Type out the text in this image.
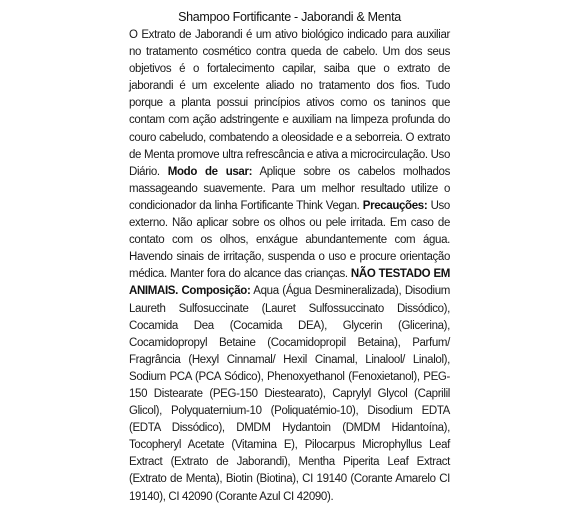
Shampoo Fortificante - Jaborandi & Menta

O Extrato de Jaborandi é um ativo biológico indicado para auxiliar no tratamento cosmético contra queda de cabelo. Um dos seus objetivos é o fortalecimento capilar, saiba que o extrato de jaborandi é um excelente aliado no tratamento dos fios. Tudo porque a planta possui princípios ativos como os taninos que contam com ação adstringente e auxiliam na limpeza profunda do couro cabeludo, combatendo a oleosidade e a seborreia. O extrato de Menta promove ultra refrescância e ativa a microcirculação. Uso Diário. Modo de usar: Aplique sobre os cabelos molhados massageando suavemente. Para um melhor resultado utilize o condicionador da linha Fortificante Think Vegan. Precauções: Uso externo. Não aplicar sobre os olhos ou pele irritada. Em caso de contato com os olhos, enxágue abundantemente com água. Havendo sinais de irritação, suspenda o uso e procure orientação médica. Manter fora do alcance das crianças. NÃO TESTADO EM ANIMAIS. Composição: Aqua (Água Desmineralizada), Disodium Laureth Sulfosuccinate (Lauret Sulfossuccinato Dissódico), Cocamida Dea (Cocamida DEA), Glycerin (Glicerina), Cocamidopropyl Betaine (Cocamidopropil Betaina), Parfum/ Fragrância (Hexyl Cinnamal/ Hexil Cinamal, Linalool/ Linalol), Sodium PCA (PCA Sódico), Phenoxyethanol (Fenoxietanol), PEG-150 Distearate (PEG-150 Diestearato), Caprylyl Glycol (Caprilil Glicol), Polyquaternium-10 (Poliquatémio-10), Disodium EDTA (EDTA Dissódico), DMDM Hydantoin (DMDM Hidantoína), Tocopheryl Acetate (Vitamina E), Pilocarpus Microphyllus Leaf Extract (Extrato de Jaborandi), Mentha Piperita Leaf Extract (Extrato de Menta), Biotin (Biotina), CI 19140 (Corante Amarelo CI 19140), CI 42090 (Corante Azul CI 42090).
